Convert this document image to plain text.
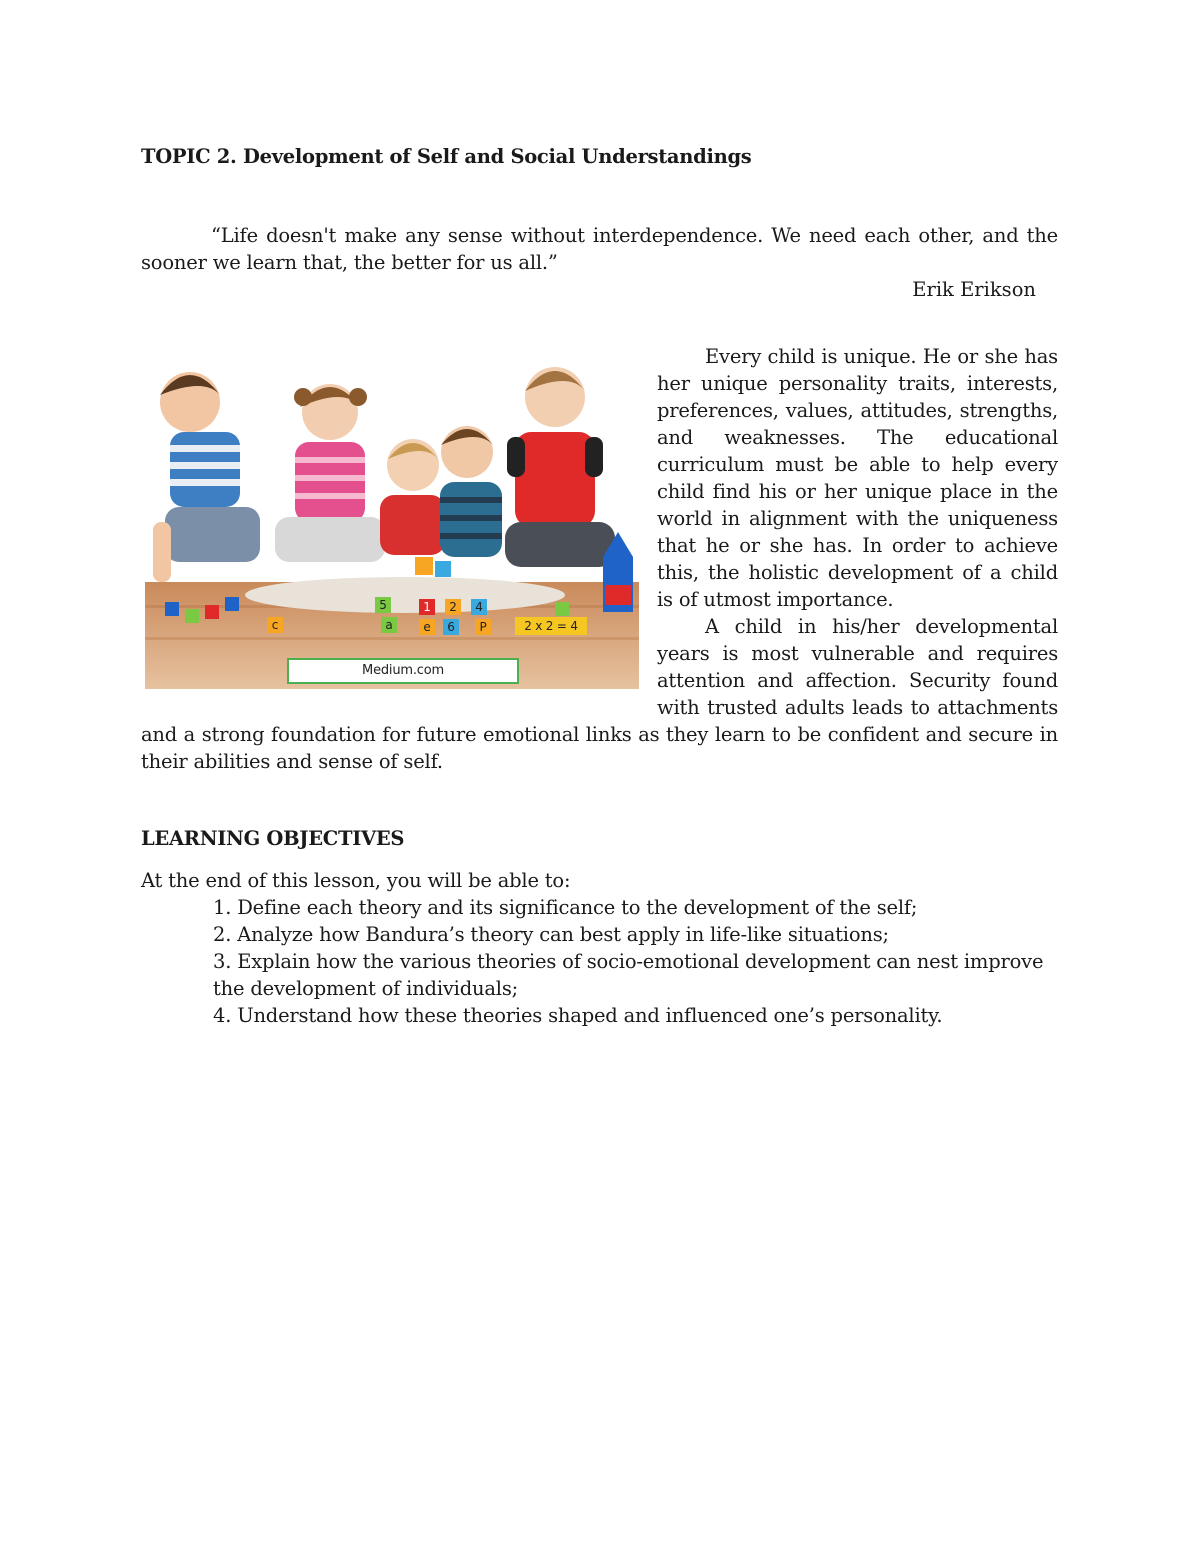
TOPIC 2. Development of Self and Social Understandings
“Life doesn't make any sense without interdependence. We need each other, and the sooner we learn that, the better for us all.”
Erik Erikson
5	1 2 4
a	6 P
e
c	2 x 2 = 4
Medium.com

Every child is unique. He or she has her unique personality traits, interests, preferences, values, attitudes, strengths, and weaknesses. The educational curriculum must be able to help every child find his or her unique place in the world in alignment with the uniqueness that he or she has. In order to achieve this, the holistic development of a child is of utmost importance.

A child in his/her developmental years is most vulnerable and requires attention and affection. Security found with trusted adults leads to attachments and a strong foundation for future emotional links as they learn to be confident and secure in their abilities and sense of self.

LEARNING OBJECTIVES
At the end of this lesson, you will be able to:
1. Define each theory and its significance to the development of the self;
2. Analyze how Bandura’s theory can best apply in life-like situations;
3. Explain how the various theories of socio-emotional development can nest improve the development of individuals;
4. Understand how these theories shaped and influenced one’s personality.
